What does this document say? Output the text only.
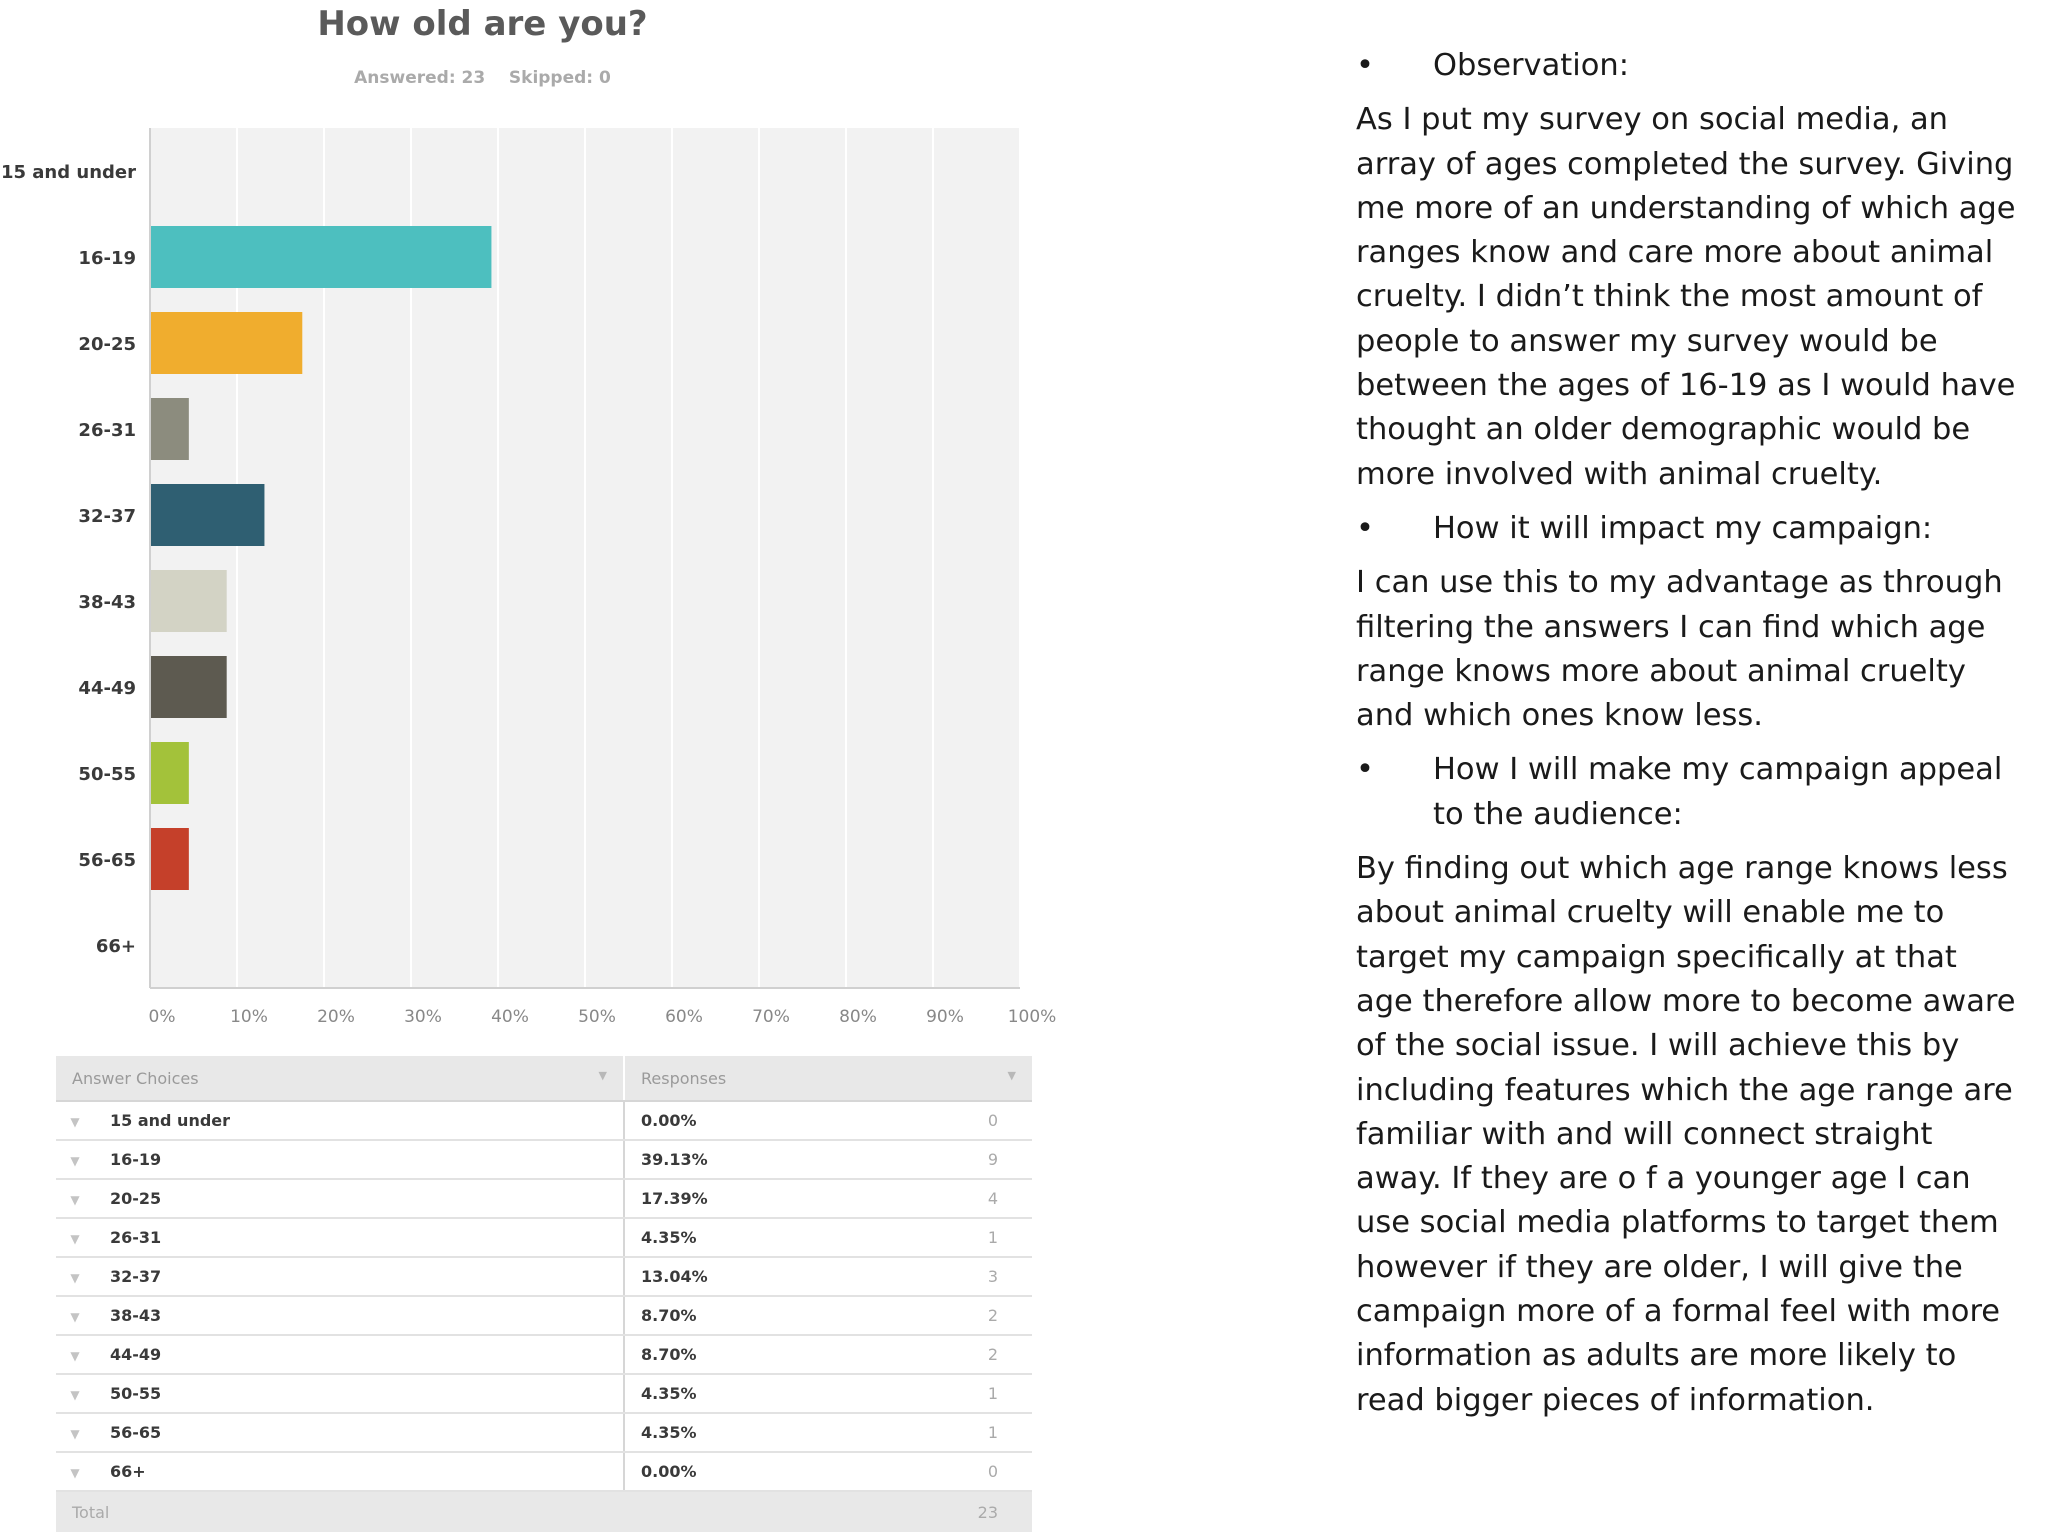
How old are you?
Answered: 23 Skipped: 0
15 and under
16-19
20-25
26-31
32-37
38-43
44-49
50-55
56-65
66+
0%	10%	20%	30%	40%	50%	60%	70%	80%	90%	100%
Answer Choices ▼	Responses ▼

▼ 15 and under	0.00% 0

▼ 16-19	39.13% 9

▼ 20-25	17.39% 4

▼ 26-31	4.35% 1

▼ 32-37	13.04% 3

▼ 38-43	8.70% 2

▼ 44-49	8.70% 2

▼ 50-55	4.35% 1

▼ 56-65	4.35% 1

▼ 66+	0.00% 0

Total	23
•	Observation:

As I put my survey on social media, an array of ages completed the survey. Giving me more of an understanding of which age ranges know and care more about animal cruelty. I didn’t think the most amount of people to answer my survey would be between the ages of 16-19 as I would have thought an older demographic would be more involved with animal cruelty.

•	How it will impact my campaign:

I can use this to my advantage as through filtering the answers I can find which age range knows more about animal cruelty and which ones know less.

•	How I will make my campaign appeal to the audience:

By finding out which age range knows less about animal cruelty will enable me to target my campaign specifically at that age therefore allow more to become aware of the social issue. I will achieve this by including features which the age range are familiar with and will connect straight away. If they are o f a younger age I can use social media platforms to target them however if they are older, I will give the campaign more of a formal feel with more information as adults are more likely to read bigger pieces of information.
